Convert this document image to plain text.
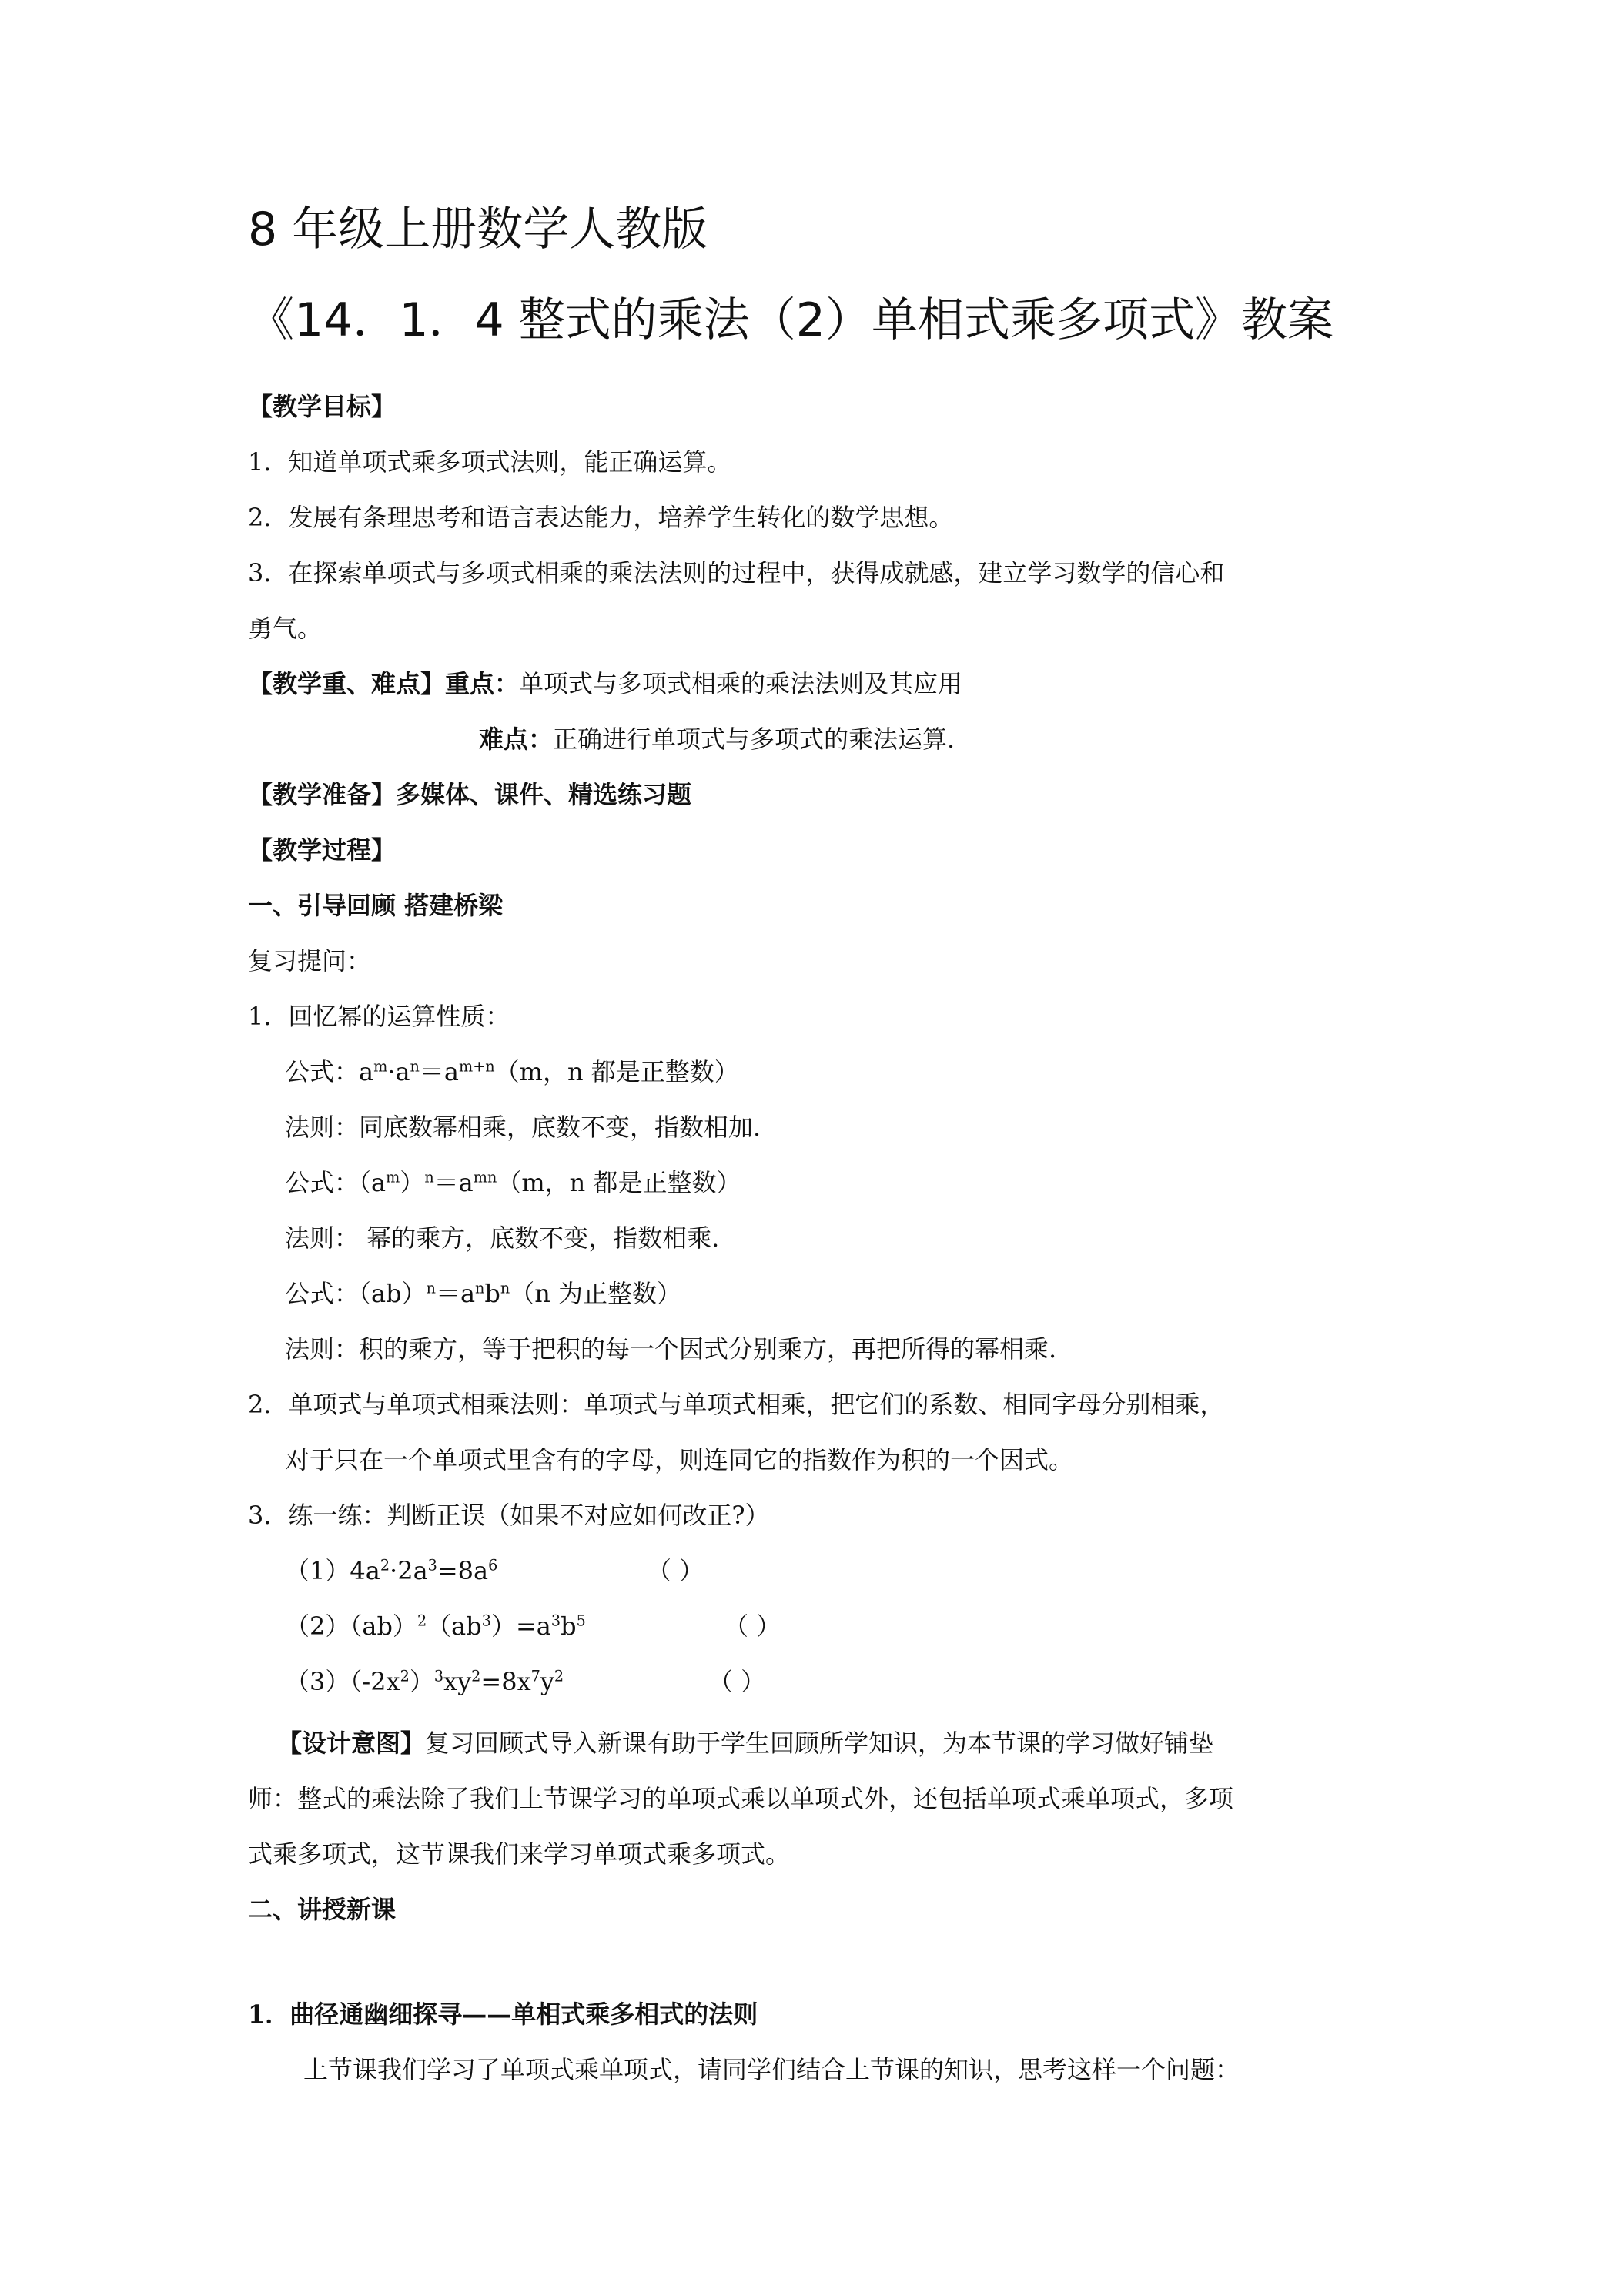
8 年级上册数学人教版
《14．1．4 整式的乘法（2）单相式乘多项式》教案
【教学目标】
1．知道单项式乘多项式法则，能正确运算。
2．发展有条理思考和语言表达能力，培养学生转化的数学思想。
3．在探索单项式与多项式相乘的乘法法则的过程中，获得成就感，建立学习数学的信心和
勇气。
【教学重、难点】重点：单项式与多项式相乘的乘法法则及其应用
难点：正确进行单项式与多项式的乘法运算.
【教学准备】多媒体、课件、精选练习题
【教学过程】
一、引导回顾 搭建桥梁
复习提问：
1．回忆幂的运算性质：
公式：$a^m\cdot a^n=a^{m+n}(m$，n 都是正整数）
法则：同底数幂相乘，底数不变，指数相加.
公式：$(a^m)^n=a^{mn}(m$，n 都是正整数）
法则： 幂的乘方，底数不变，指数相乘.
公式：$(ab)^n=a^nb^n(n$ 为正整数）
法则：积的乘方，等于把积的每一个因式分别乘方，再把所得的幂相乘.
2．单项式与单项式相乘法则：单项式与单项式相乘，把它们的系数、相同字母分别相乘，
对于只在一个单项式里含有的字母，则连同它的指数作为积的一个因式。
3．练一练：判断正误（如果不对应如何改正?）
$(1)4a^2\cdot 2a^3=8a^6$	（ ）
$(2)(ab)^2(ab^3)=a^3b^5$	（ ）
$(3)(-2x^2)^3xy^2=8x^7y^2$	（ ）
【设计意图】复习回顾式导入新课有助于学生回顾所学知识，为本节课的学习做好铺垫
师：整式的乘法除了我们上节课学习的单项式乘以单项式外，还包括单项式乘单项式，多项
式乘多项式，这节课我们来学习单项式乘多项式。
二、讲授新课
1．曲径通幽细探寻——单相式乘多相式的法则
上节课我们学习了单项式乘单项式，请同学们结合上节课的知识，思考这样一个问题：
